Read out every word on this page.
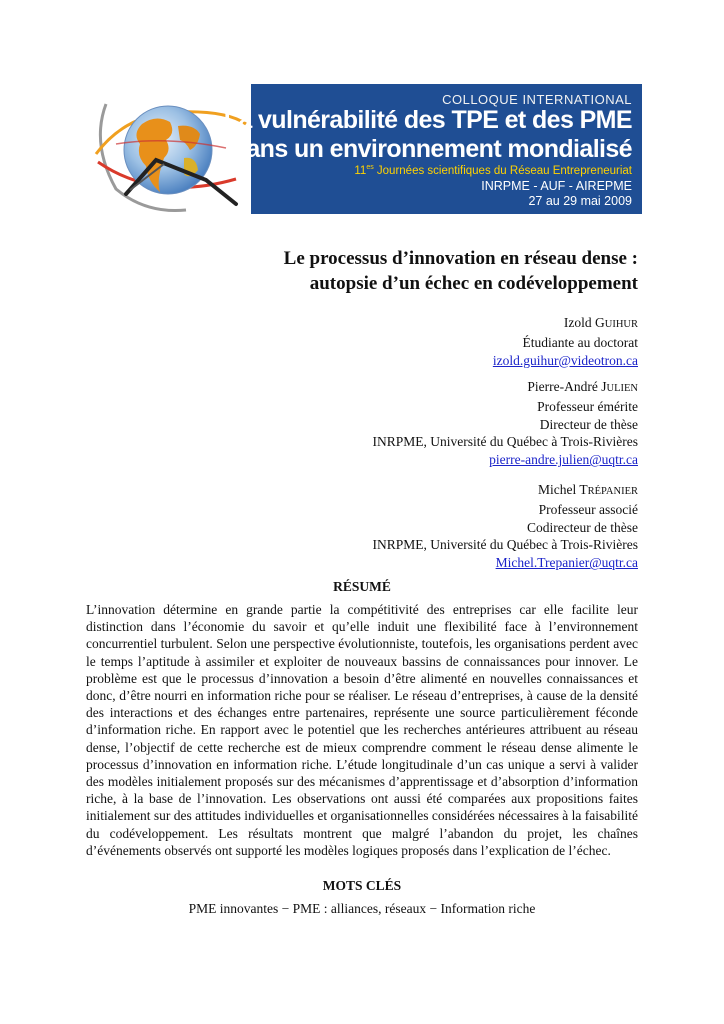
COLLOQUE INTERNATIONAL
La vulnérabilité des TPE et des PME
dans un environnement mondialisé
$11^{es}$ Journées scientifiques du Réseau Entrepreneuriat
INRPME - AUF - AIREPME
27 au 29 mai 2009
Le processus d’innovation en réseau dense :
autopsie d’un échec en codéveloppement
Izold GUIHUR
Étudiante au doctorat
izold.guihur@videotron.ca
Pierre-André JULIEN
Professeur émérite
Directeur de thèse
INRPME, Université du Québec à Trois-Rivières
pierre-andre.julien@uqtr.ca
Michel TRÉPANIER
Professeur associé
Codirecteur de thèse
INRPME, Université du Québec à Trois-Rivières
Michel.Trepanier@uqtr.ca
RÉSUMÉ
L’innovation détermine en grande partie la compétitivité des entreprises car elle facilite leur distinction dans l’économie du savoir et qu’elle induit une flexibilité face à l’environnement concurrentiel turbulent. Selon une perspective évolutionniste, toutefois, les organisations perdent avec le temps l’aptitude à assimiler et exploiter de nouveaux bassins de connaissances pour innover. Le problème est que le processus d’innovation a besoin d’être alimenté en nouvelles connaissances et donc, d’être nourri en information riche pour se réaliser. Le réseau d’entreprises, à cause de la densité des interactions et des échanges entre partenaires, représente une source particulièrement féconde d’information riche. En rapport avec le potentiel que les recherches antérieures attribuent au réseau dense, l’objectif de cette recherche est de mieux comprendre comment le réseau dense alimente le processus d’innovation en information riche. L’étude longitudinale d’un cas unique a servi à valider des modèles initialement proposés sur des mécanismes d’apprentissage et d’absorption d’information riche, à la base de l’innovation. Les observations ont aussi été comparées aux propositions faites initialement sur des attitudes individuelles et organisationnelles considérées nécessaires à la faisabilité du codéveloppement. Les résultats montrent que malgré l’abandon du projet, les chaînes d’événements observés ont supporté les modèles logiques proposés dans l’explication de l’échec.
MOTS CLÉS
PME innovantes − PME : alliances, réseaux − Information riche
